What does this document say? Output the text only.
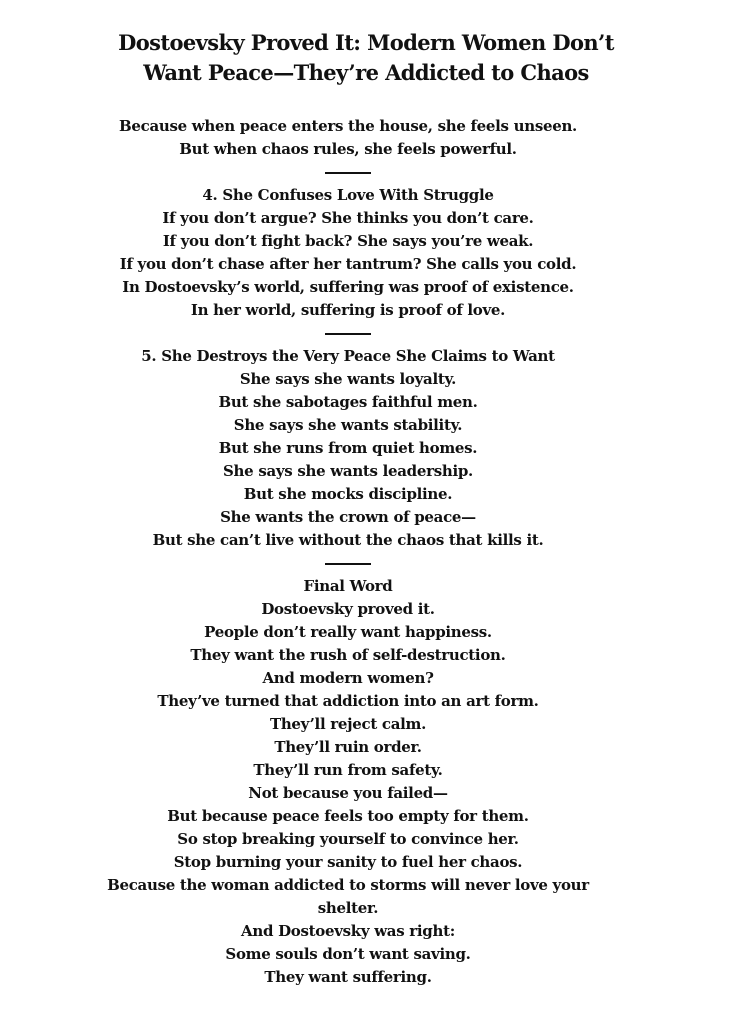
Dostoevsky Proved It: Modern Women Don’t
Want Peace—They’re Addicted to Chaos
Because when peace enters the house, she feels unseen.
But when chaos rules, she feels powerful.
4. She Confuses Love With Struggle
If you don’t argue? She thinks you don’t care.
If you don’t fight back? She says you’re weak.
If you don’t chase after her tantrum? She calls you cold.
In Dostoevsky’s world, suffering was proof of existence.
In her world, suffering is proof of love.
5. She Destroys the Very Peace She Claims to Want
She says she wants loyalty.
But she sabotages faithful men.
She says she wants stability.
But she runs from quiet homes.
She says she wants leadership.
But she mocks discipline.
She wants the crown of peace—
But she can’t live without the chaos that kills it.
Final Word
Dostoevsky proved it.
People don’t really want happiness.
They want the rush of self-destruction.
And modern women?
They’ve turned that addiction into an art form.
They’ll reject calm.
They’ll ruin order.
They’ll run from safety.
Not because you failed—
But because peace feels too empty for them.
So stop breaking yourself to convince her.
Stop burning your sanity to fuel her chaos.
Because the woman addicted to storms will never love your shelter.
And Dostoevsky was right:
Some souls don’t want saving.
They want suffering.
